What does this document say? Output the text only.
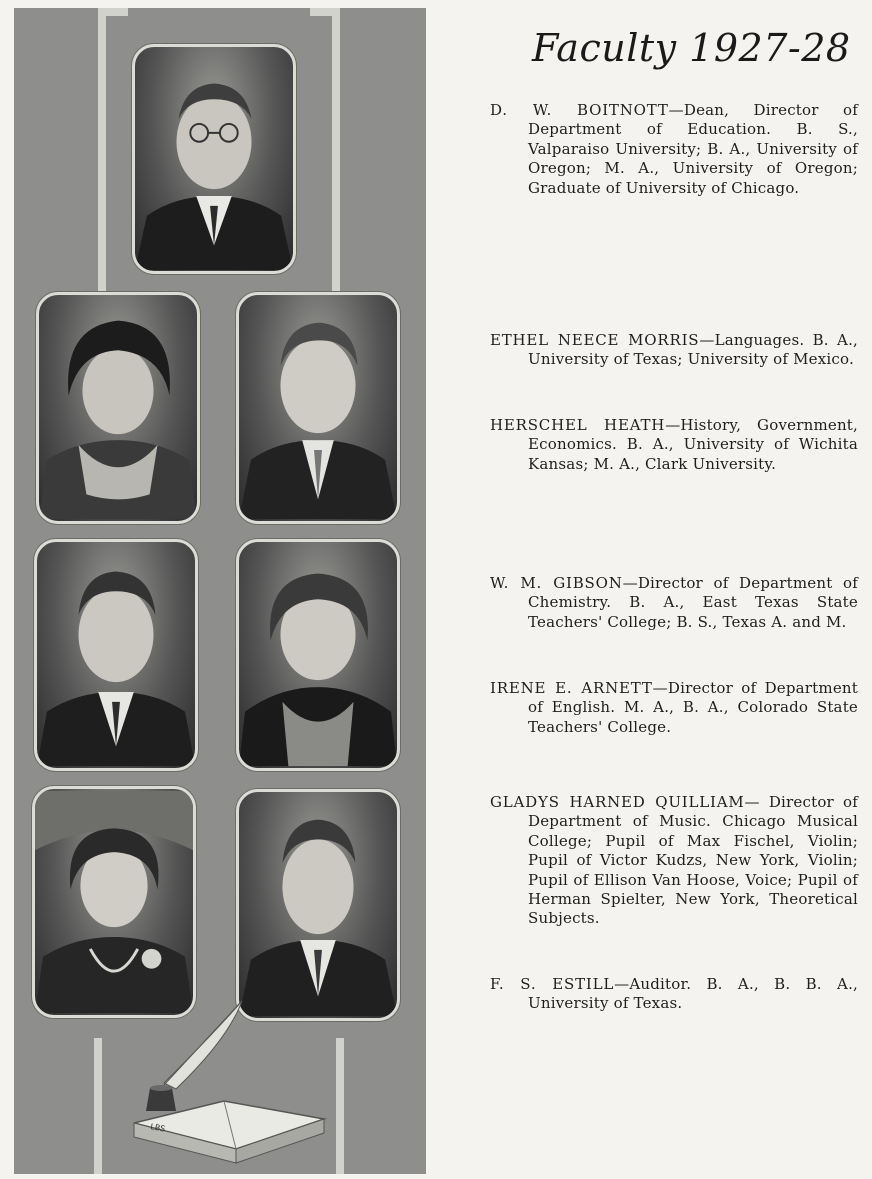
LBS
Faculty 1927-28
D. W. BOITNOTT—Dean, Director of Department of Education. B. S., Valparaiso University; B. A., University of Oregon; M. A., University of Oregon; Graduate of University of Chicago.
ETHEL NEECE MORRIS—Languages. B. A., University of Texas; University of Mexico.
HERSCHEL HEATH—History, Government, Economics. B. A., University of Wichita Kansas; M. A., Clark University.
W. M. GIBSON—Director of Department of Chemistry. B. A., East Texas State Teachers' College; B. S., Texas A. and M.
IRENE E. ARNETT—Director of Department of English. M. A., B. A., Colorado State Teachers' College.
GLADYS HARNED QUILLIAM— Director of Department of Music. Chicago Musical College; Pupil of Max Fischel, Violin; Pupil of Victor Kudzs, New York, Violin; Pupil of Ellison Van Hoose, Voice; Pupil of Herman Spielter, New York, Theoretical Subjects.
F. S. ESTILL—Auditor. B. A., B. B. A., University of Texas.
